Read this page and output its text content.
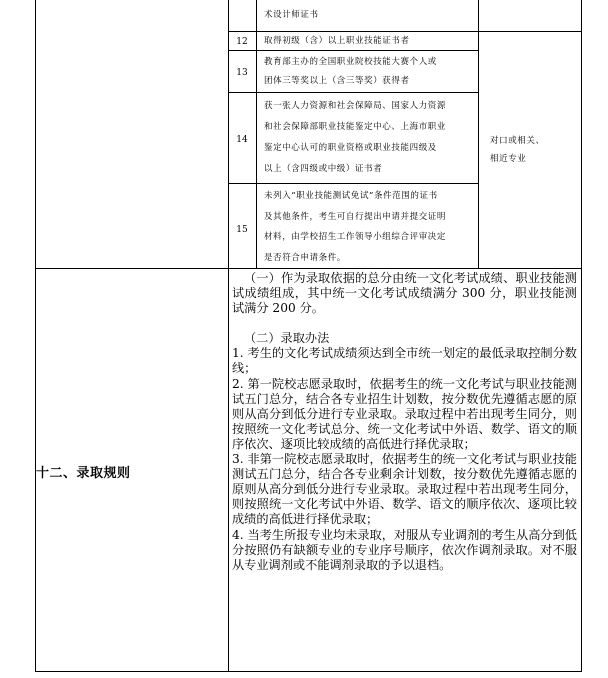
术设计师证书
12	取得初级（含）以上职业技能证书者
13
教育部主办的全国职业院校技能大赛个人或
团体三等奖以上（含三等奖）获得者
14
获一张人力资源和社会保障局、国家人力资源
和社会保障部职业技能鉴定中心、上海市职业
鉴定中心认可的职业资格或职业技能四级及
以上（含四级或中级）证书者
15
未列入“职业技能测试免试”条件范围的证书
及其他条件，考生可自行提出申请并提交证明
材料，由学校招生工作领导小组综合评审决定
是否符合申请条件。
对口或相关、
相近专业
十二、录取规则

（一）作为录取依据的总分由统一文化考试成绩、职业技能测试成绩组成，其中统一文化考试成绩满分 300 分，职业技能测试满分 200 分。

（二）录取办法

1. 考生的文化考试成绩须达到全市统一划定的最低录取控制分数线；

2. 第一院校志愿录取时，依据考生的统一文化考试与职业技能测试五门总分，结合各专业招生计划数，按分数优先遵循志愿的原则从高分到低分进行专业录取。录取过程中若出现考生同分，则按照统一文化考试总分、统一文化考试中外语、数学、语文的顺序依次、逐项比较成绩的高低进行择优录取；

3. 非第一院校志愿录取时，依据考生的统一文化考试与职业技能测试五门总分，结合各专业剩余计划数，按分数优先遵循志愿的原则从高分到低分进行专业录取。录取过程中若出现考生同分，则按照统一文化考试中外语、数学、语文的顺序依次、逐项比较成绩的高低进行择优录取；

4. 当考生所报专业均未录取，对服从专业调剂的考生从高分到低分按照仍有缺额专业的专业序号顺序，依次作调剂录取。对不服从专业调剂或不能调剂录取的予以退档。
